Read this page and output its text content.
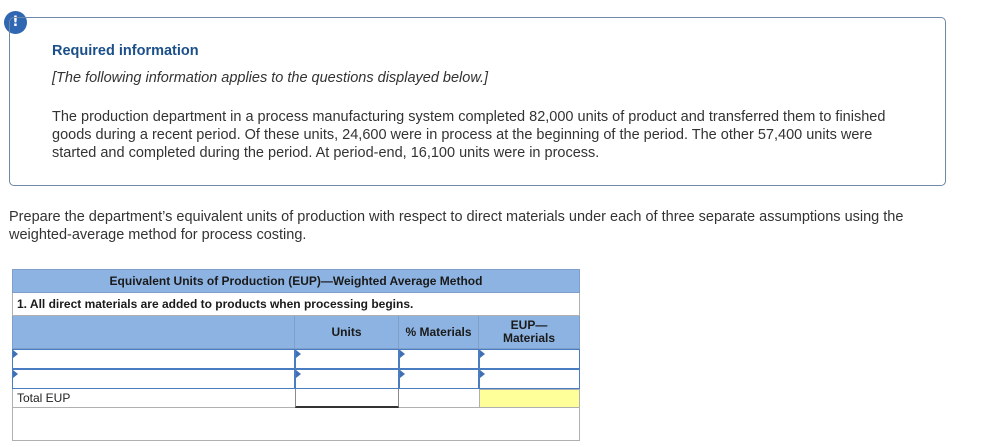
!
Required information
[The following information applies to the questions displayed below.]
The production department in a process manufacturing system completed 82,000 units of product and transferred them to finished goods during a recent period. Of these units, 24,600 were in process at the beginning of the period. The other 57,400 units were started and completed during the period. At period-end, 16,100 units were in process.
Prepare the department’s equivalent units of production with respect to direct materials under each of three separate assumptions using the weighted-average method for process costing.
Equivalent Units of Production (EUP)—Weighted Average Method
1. All direct materials are added to products when processing begins.
Units	% Materials	EUP—
Materials
Total EUP
